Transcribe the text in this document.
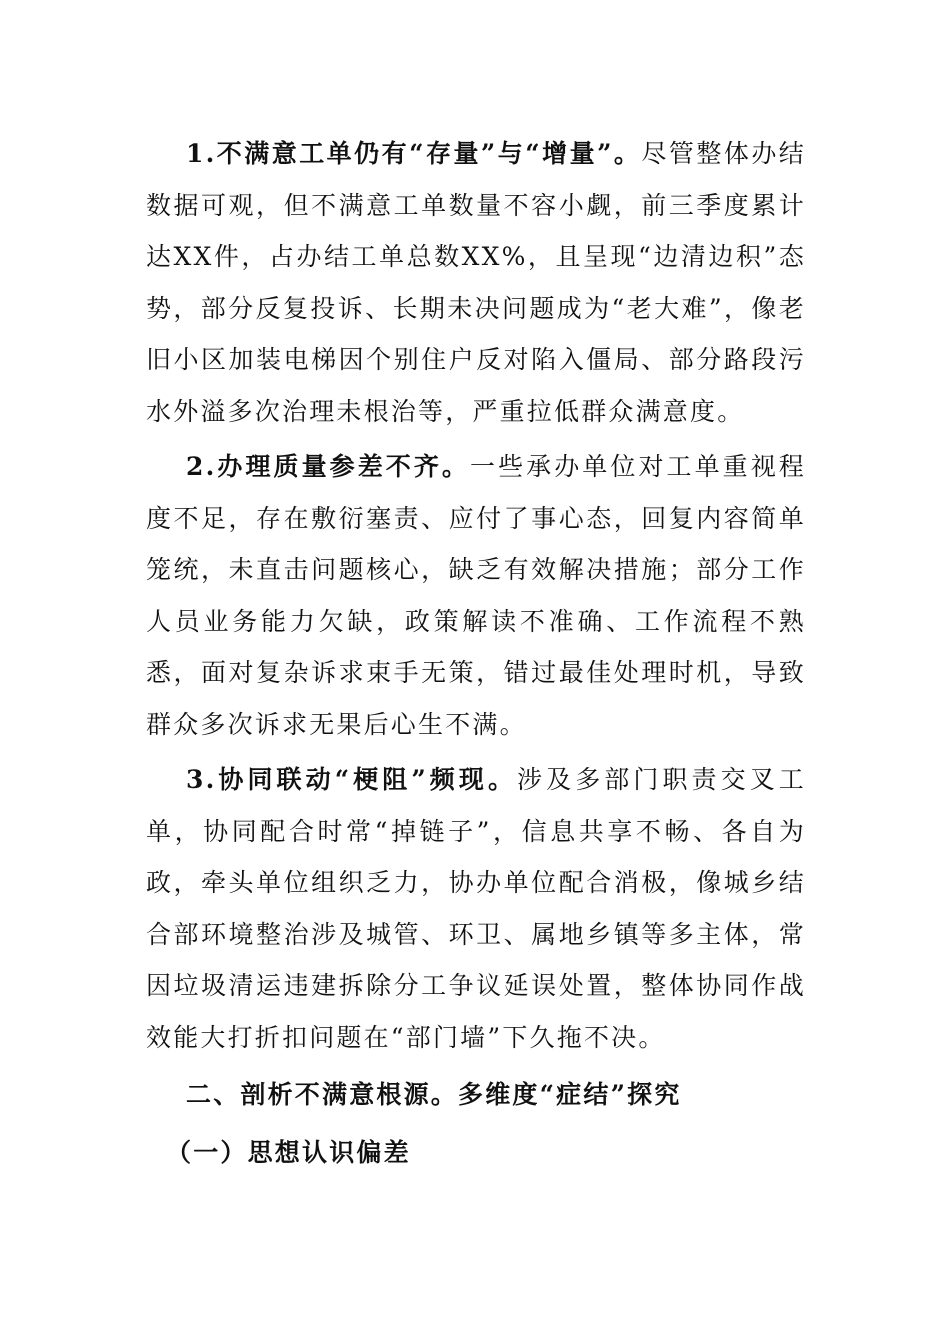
1.不满意工单仍有“存量”与“增量”。尽管整体办结数据可观，但不满意工单数量不容小觑，前三季度累计达XX件，占办结工单总数XX%，且呈现“边清边积”态势，部分反复投诉、长期未决问题成为“老大难”，像老旧小区加装电梯因个别住户反对陷入僵局、部分路段污水外溢多次治理未根治等，严重拉低群众满意度。

2.办理质量参差不齐。一些承办单位对工单重视程度不足，存在敷衍塞责、应付了事心态，回复内容简单笼统，未直击问题核心，缺乏有效解决措施；部分工作人员业务能力欠缺，政策解读不准确、工作流程不熟悉，面对复杂诉求束手无策，错过最佳处理时机，导致群众多次诉求无果后心生不满。

3.协同联动“梗阻”频现。涉及多部门职责交叉工单，协同配合时常“掉链子”，信息共享不畅、各自为政，牵头单位组织乏力，协办单位配合消极，像城乡结合部环境整治涉及城管、环卫、属地乡镇等多主体，常因垃圾清运违建拆除分工争议延误处置，整体协同作战效能大打折扣问题在“部门墙”下久拖不决。

二、剖析不满意根源。多维度“症结”探究

（一）思想认识偏差
